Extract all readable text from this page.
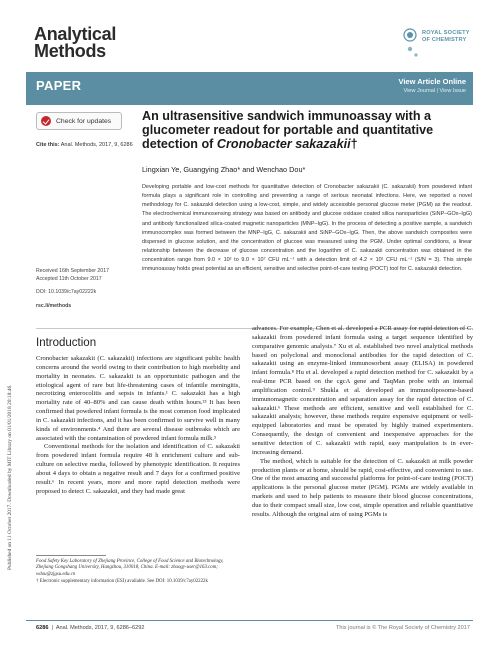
Analytical
Methods
ROYAL SOCIETY
OF CHEMISTRY
PAPER	View Article Online
View Journal | View Issue
Published on 11 October 2017. Downloaded by MIT Library on 01/01/2018 20:18:46.
Check for updates
Cite this: Anal. Methods, 2017, 9, 6286
An ultrasensitive sandwich immunoassay with a glucometer readout for portable and quantitative detection of Cronobacter sakazakii†
Lingxian Ye, Guangying Zhao* and Wenchao Dou*
Developing portable and low-cost methods for quantitative detection of Cronobacter sakazakii (C. sakazakii) from powdered infant formula plays a significant role in controlling and preventing a range of serious neonatal infections. Here, we reported a novel methodology for C. sakazakii detection using a low-cost, simple, and widely accessible personal glucose meter (PGM) as the readout. The electrochemical immunosensing strategy was based on antibody and glucose oxidase coated silica nanoparticles (SiNP–GOx–IgG) and antibody functionalized silica-coated magnetic nanoparticles (MNP–IgG). In the process of detecting a positive sample, a sandwich immunocomplex was formed between the MNP–IgG, C. sakazakii and SiNP–GOx–IgG. Then, the above sandwich composites were dispersed in glucose solution, and the concentration of glucose was measured using the PGM. Under optimal conditions, a linear relationship between the decrease of glucose concentration and the logarithm of C. sakazakii concentration was obtained in the concentration range from 9.0 × 10² to 9.0 × 10⁷ CFU mL⁻¹ with a detection limit of 4.2 × 10¹ CFU mL⁻¹ (S/N = 3). This simple immunoassay holds great potential as an efficient, sensitive and selective point-of-care testing (POCT) tool for C. sakazakii detection.
Received 16th September 2017
Accepted 11th October 2017
DOI: 10.1039/c7ay02222k
rsc.li/methods
Introduction

Cronobacter sakazakii (C. sakazakii) infections are significant public health concerns around the world owing to their contribution to high morbidity and mortality in neonates. C. sakazakii is an opportunistic pathogen and the etiological agent of rare but life-threatening cases of infantile meningitis, necrotizing enterocolitis and sepsis in infants.¹ C. sakazakii has a high mortality rate of 40–80% and can cause death within hours.²³ It has been confirmed that powdered infant formula is the most common food implicated in C. sakazakii infections, and it has been confirmed to survive well in many kinds of environments.⁴ And there are several disease outbreaks which are associated with the contamination of powdered infant formula milk.⁵

Conventional methods for the isolation and identification of C. sakazakii from powdered infant formula require 48 h enrichment culture and sub-culture on selective media, followed by phenotypic identification. It requires about 4 days to obtain a negative result and 7 days for a confirmed positive result.⁶ In recent years, more and more rapid detection methods were proposed to detect C. sakazakii, and they had made great

advances. For example, Chen et al. developed a PCR assay for rapid detection of C. sakazakii from powdered infant formula using a target sequence identified by comparative genomic analysis.⁷ Xu et al. established two novel analytical methods based on polyclonal and monoclonal antibodies for the rapid detection of C. sakazakii using an enzyme-linked immunosorbent assay (ELISA) in powdered infant formula.⁸ Hu et al. developed a rapid detection method for C. sakazakii by a real-time PCR based on the cgcA gene and TaqMan probe with an internal amplification control.⁹ Shukla et al. developed an immunoliposome-based immunomagnetic concentration and separation assay for the rapid detection of C. sakazakii.⁶ These methods are efficient, sensitive and well established for C. sakazakii analysis; however, these methods require expensive equipment or well-equipped laboratories and must be operated by highly trained experimenters. Consequently, the design of convenient and inexpensive approaches for the sensitive detection of C. sakazakii with rapid, easy manipulation is in ever-increasing demand.

The method, which is suitable for the detection of C. sakazakii at milk powder production plants or at home, should be rapid, cost-effective, and convenient to use. One of the most amazing and successful platforms for point-of-care testing (POCT) applications is the personal glucose meter (PGM). PGMs are widely available in markets and used to help patients to measure their blood glucose concentrations, due to their compact small size, low cost, simple operation and reliable quantitative results. Although the original aim of using PGMs is

Food Safety Key Laboratory of Zhejiang Province, College of Food Science and Biotechnology, Zhejiang Gongshang University, Hangzhou, 310018, China. E-mail: zhaogy-user@163.com; wdou@zjgsu.edu.cn
† Electronic supplementary information (ESI) available. See DOI: 10.1039/c7ay02222k
6286  |  Anal. Methods, 2017, 9, 6286–6292	This journal is © The Royal Society of Chemistry 2017
